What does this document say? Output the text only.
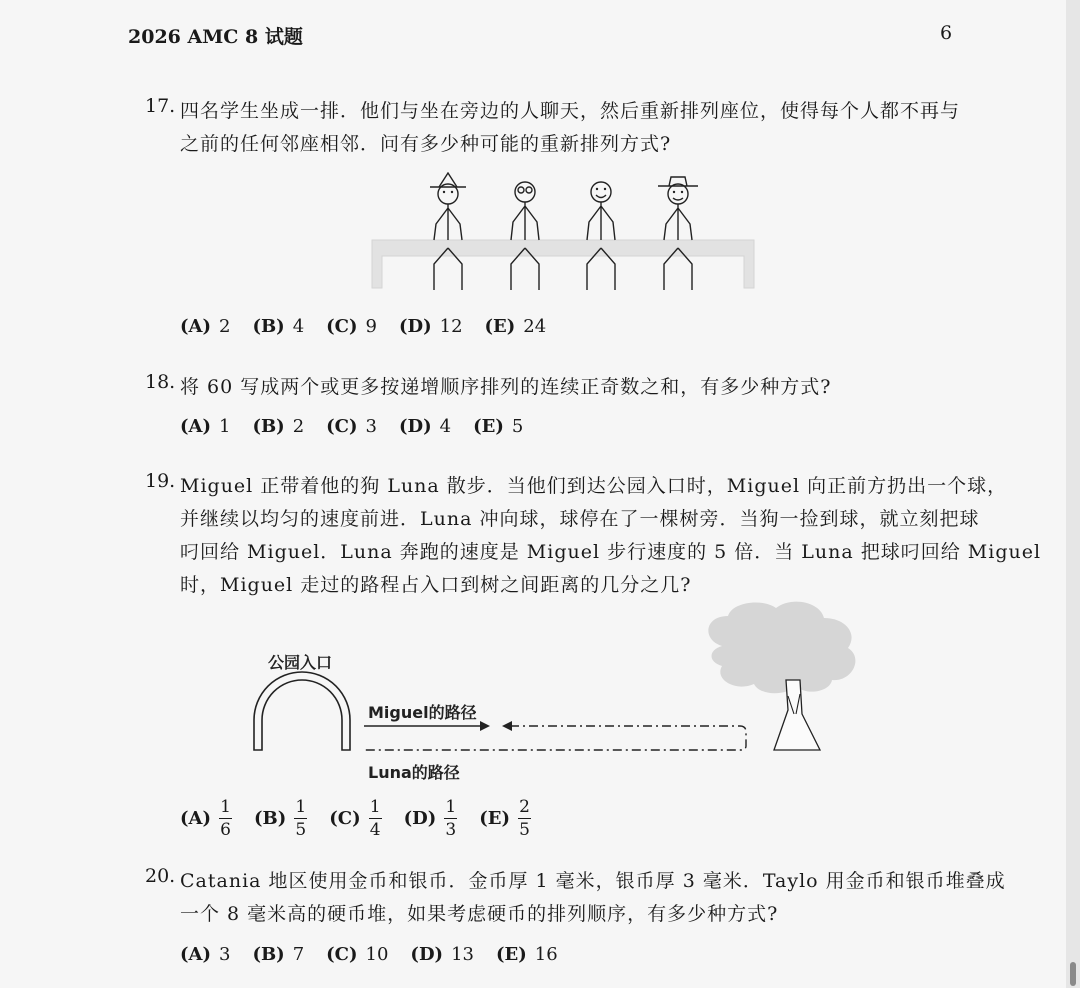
2026 AMC 8 试题	6
17. 四名学生坐成一排．他们与坐在旁边的人聊天，然后重新排列座位，使得每个人都不再与
之前的任何邻座相邻．问有多少种可能的重新排列方式?
(A) 2 (B) 4 (C) 9 (D) 12 (E) 24
18. 将 60 写成两个或更多按递增顺序排列的连续正奇数之和，有多少种方式?
(A) 1 (B) 2 (C) 3 (D) 4 (E) 5
19. Miguel 正带着他的狗 Luna 散步．当他们到达公园入口时，Miguel 向正前方扔出一个球，
并继续以均匀的速度前进．Luna 冲向球，球停在了一棵树旁．当狗一捡到球，就立刻把球
叼回给 Miguel．Luna 奔跑的速度是 Miguel 步行速度的 5 倍．当 Luna 把球叼回给 Miguel
时，Miguel 走过的路程占入口到树之间距离的几分之几?
公园入口
Miguel的路径
Luna的路径
$(A) \frac{1}{6} (B) \frac{1}{5} (C) \frac{1}{4} (D) \frac{1}{3} (E) \frac{2}{5}$
20. Catania 地区使用金币和银币．金币厚 1 毫米，银币厚 3 毫米．Taylo 用金币和银币堆叠成
一个 8 毫米高的硬币堆，如果考虑硬币的排列顺序，有多少种方式?
(A) 3 (B) 7 (C) 10 (D) 13 (E) 16
